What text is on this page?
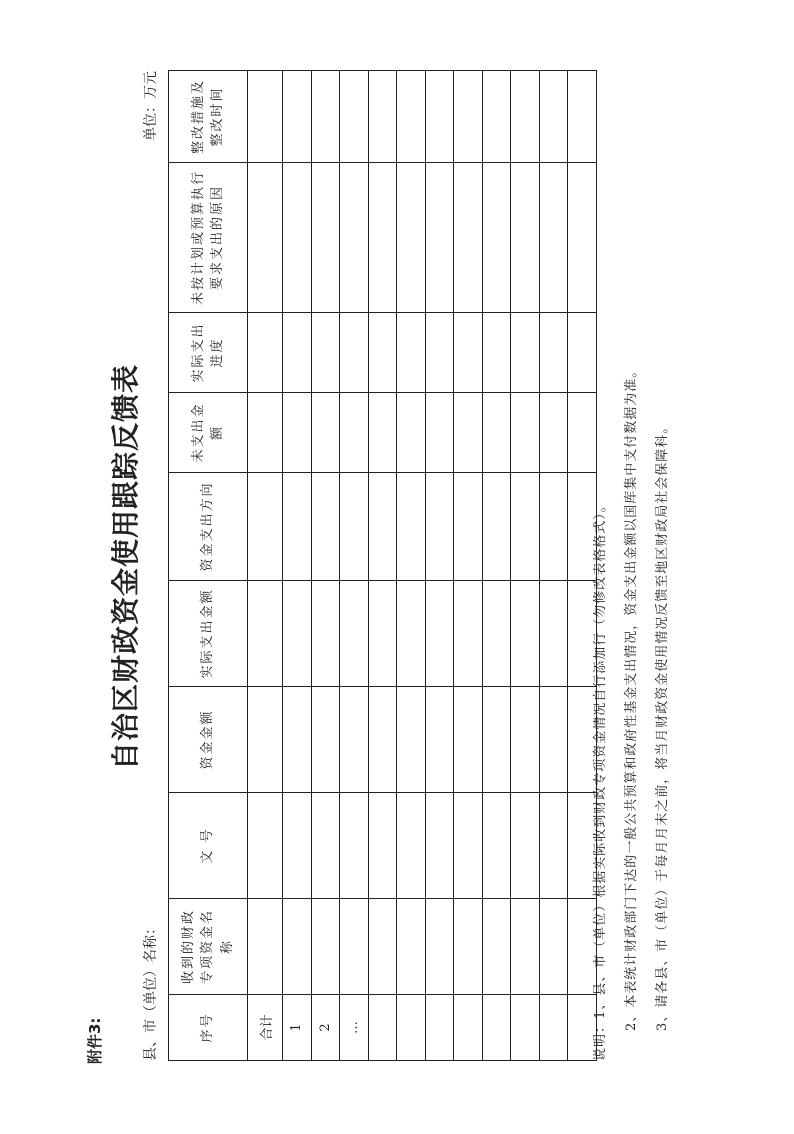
附件3:
自治区财政资金使用跟踪反馈表
县、市（单位）名称：
单位：万元
序号	收到的财政专项资金名称	文 号	资金金额	实际支出金额	资金支出方向	未支出金额	实际支出进度	未按计划或预算执行要求支出的原因	整改措施及整改时间
合计									
1									
2									
…									

										说明：1、县、市（单位）根据实际收到财政专项资金情况自行添加行（勿修改表格格式）。	2、本表统计财政部门下达的一般公共预算和政府性基金支出情况，资金支出金额以国库集中支付数据为准。	3、请各县、市（单位）于每月月末之前，将当月财政资金使用情况反馈至地区财政局社会保障科。
